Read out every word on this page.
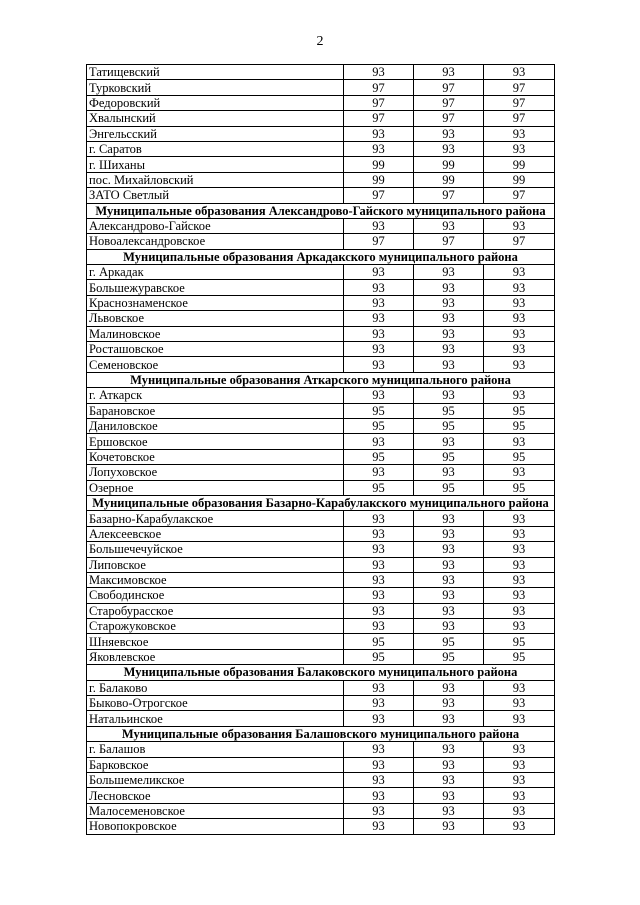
2
Татищевский	93	93	93
Турковский	97	97	97
Федоровский	97	97	97
Хвалынский	97	97	97
Энгельсский	93	93	93
г. Саратов	93	93	93
г. Шиханы	99	99	99
пос. Михайловский	99	99	99
ЗАТО Светлый	97	97	97
Муниципальные образования Александрово-Гайского муниципального района			
Александрово-Гайское	93	93	93
Новоалександровское	97	97	97
Муниципальные образования Аркадакского муниципального района			
г. Аркадак	93	93	93
Большежуравское	93	93	93
Краснознаменское	93	93	93
Львовское	93	93	93
Малиновское	93	93	93
Росташовское	93	93	93
Семеновское	93	93	93
Муниципальные образования Аткарского муниципального района			
г. Аткарск	93	93	93
Барановское	95	95	95
Даниловское	95	95	95
Ершовское	93	93	93
Кочетовское	95	95	95
Лопуховское	93	93	93
Озерное	95	95	95
Муниципальные образования Базарно-Карабулакского муниципального района			
Базарно-Карабулакское	93	93	93
Алексеевское	93	93	93
Большечечуйское	93	93	93
Липовское	93	93	93
Максимовское	93	93	93
Свободинское	93	93	93
Старобурасское	93	93	93
Старожуковское	93	93	93
Шняевское	95	95	95
Яковлевское	95	95	95
Муниципальные образования Балаковского муниципального района			
г. Балаково	93	93	93
Быково-Отрогское	93	93	93
Натальинское	93	93	93
Муниципальные образования Балашовского муниципального района			
г. Балашов	93	93	93
Барковское	93	93	93
Большемеликское	93	93	93
Лесновское	93	93	93
Малосеменовское	93	93	93
Новопокровское	93	93	93
